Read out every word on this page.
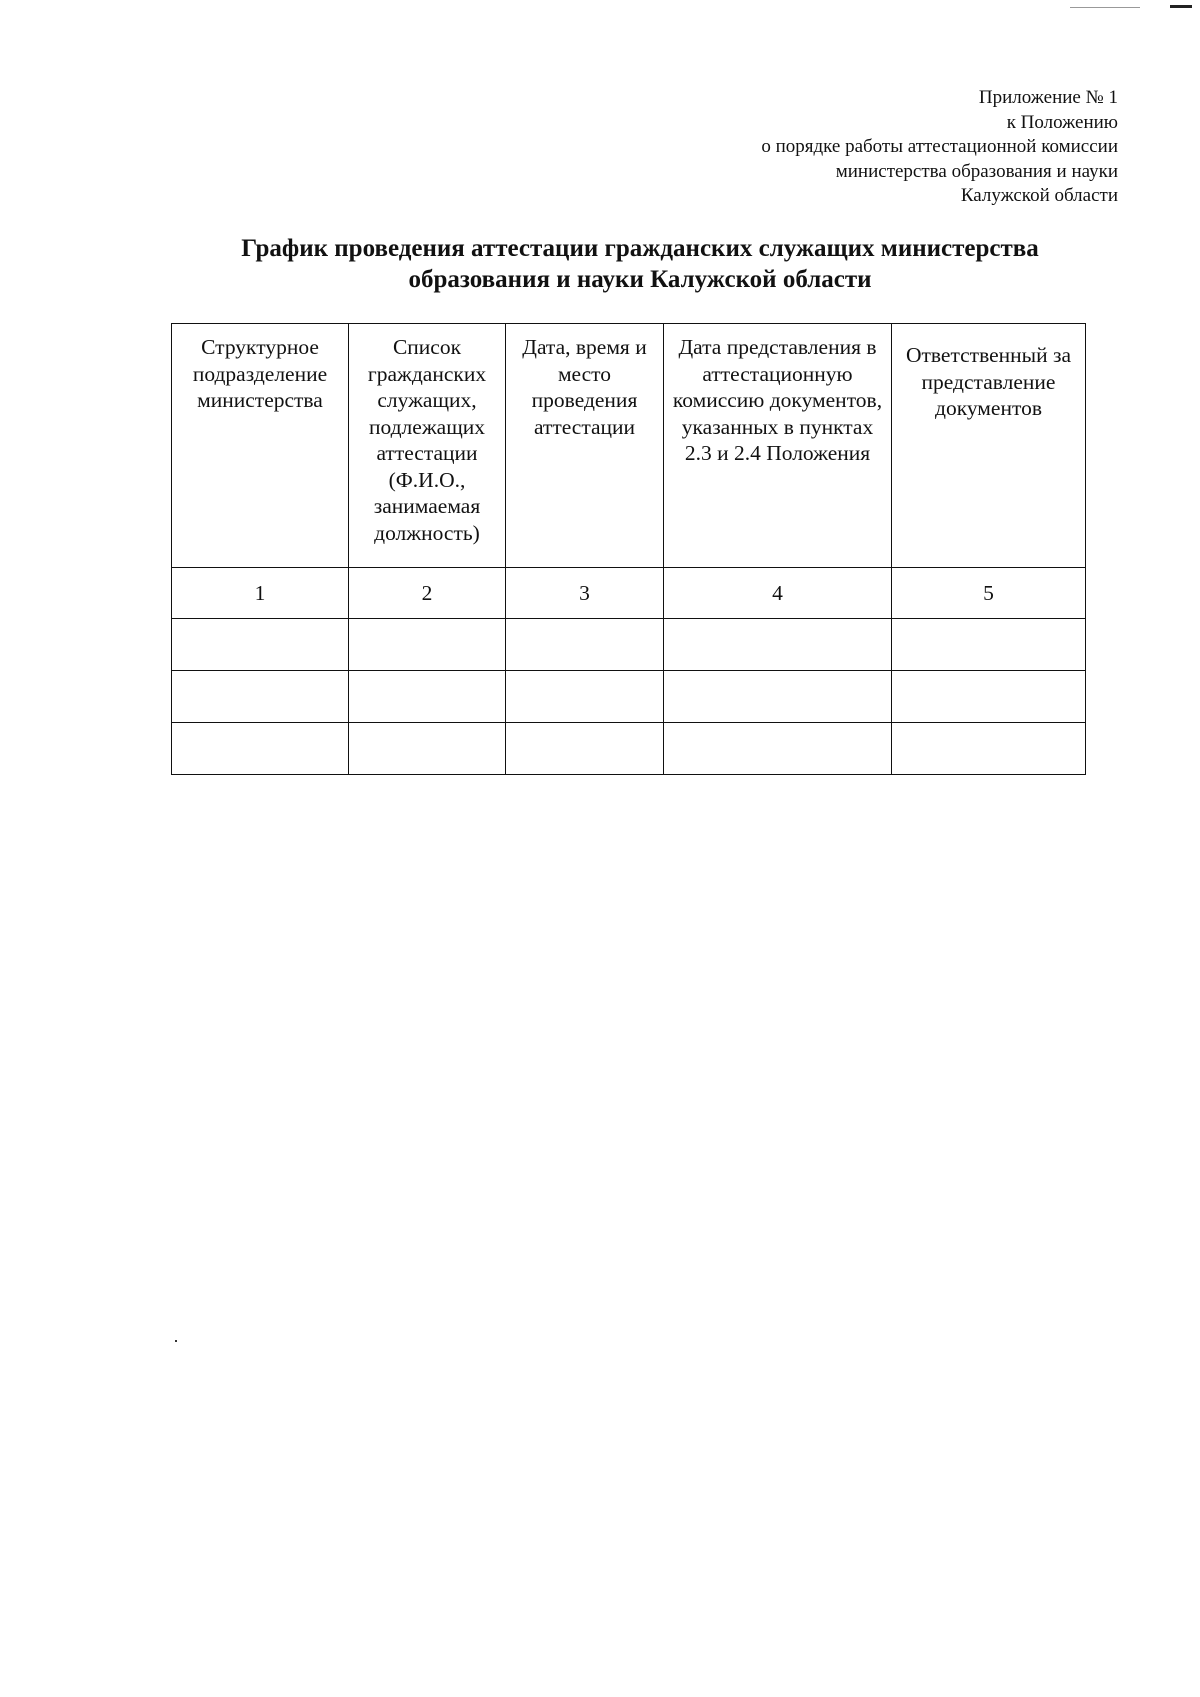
Приложение № 1
к Положению
о порядке работы аттестационной комиссии
министерства образования и науки
Калужской области
График проведения аттестации гражданских служащих министерства
образования и науки Калужской области
Структурное подразделение министерства	Список гражданских служащих, подлежащих аттестации (Ф.И.О., занимаемая должность)	Дата, время и место проведения аттестации	Дата представления в аттестационную комиссию документов, указанных в пунктах 2.3 и 2.4 Положения	Ответственный за представление документов
1	2	3	4	5
